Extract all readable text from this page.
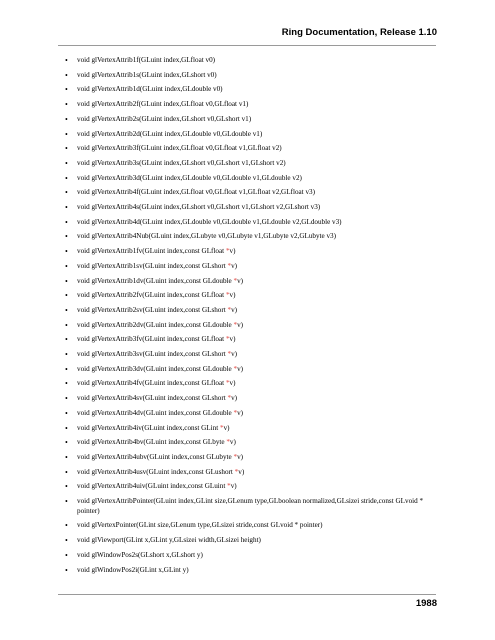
Ring Documentation, Release 1.10
• void glVertexAttrib1f(GLuint index,GLfloat v0)
• void glVertexAttrib1s(GLuint index,GLshort v0)
• void glVertexAttrib1d(GLuint index,GLdouble v0)
• void glVertexAttrib2f(GLuint index,GLfloat v0,GLfloat v1)
• void glVertexAttrib2s(GLuint index,GLshort v0,GLshort v1)
• void glVertexAttrib2d(GLuint index,GLdouble v0,GLdouble v1)
• void glVertexAttrib3f(GLuint index,GLfloat v0,GLfloat v1,GLfloat v2)
• void glVertexAttrib3s(GLuint index,GLshort v0,GLshort v1,GLshort v2)
• void glVertexAttrib3d(GLuint index,GLdouble v0,GLdouble v1,GLdouble v2)
• void glVertexAttrib4f(GLuint index,GLfloat v0,GLfloat v1,GLfloat v2,GLfloat v3)
• void glVertexAttrib4s(GLuint index,GLshort v0,GLshort v1,GLshort v2,GLshort v3)
• void glVertexAttrib4d(GLuint index,GLdouble v0,GLdouble v1,GLdouble v2,GLdouble v3)
• void glVertexAttrib4Nub(GLuint index,GLubyte v0,GLubyte v1,GLubyte v2,GLubyte v3)
• void glVertexAttrib1fv(GLuint index,const GLfloat *v)
• void glVertexAttrib1sv(GLuint index,const GLshort *v)
• void glVertexAttrib1dv(GLuint index,const GLdouble *v)
• void glVertexAttrib2fv(GLuint index,const GLfloat *v)
• void glVertexAttrib2sv(GLuint index,const GLshort *v)
• void glVertexAttrib2dv(GLuint index,const GLdouble *v)
• void glVertexAttrib3fv(GLuint index,const GLfloat *v)
• void glVertexAttrib3sv(GLuint index,const GLshort *v)
• void glVertexAttrib3dv(GLuint index,const GLdouble *v)
• void glVertexAttrib4fv(GLuint index,const GLfloat *v)
• void glVertexAttrib4sv(GLuint index,const GLshort *v)
• void glVertexAttrib4dv(GLuint index,const GLdouble *v)
• void glVertexAttrib4iv(GLuint index,const GLint *v)
• void glVertexAttrib4bv(GLuint index,const GLbyte *v)
• void glVertexAttrib4ubv(GLuint index,const GLubyte *v)
• void glVertexAttrib4usv(GLuint index,const GLushort *v)
• void glVertexAttrib4uiv(GLuint index,const GLuint *v)
• void glVertexAttribPointer(GLuint index,GLint size,GLenum type,GLboolean normalized,GLsizei stride,const GLvoid * pointer)
• void glVertexPointer(GLint size,GLenum type,GLsizei stride,const GLvoid * pointer)
• void glViewport(GLint x,GLint y,GLsizei width,GLsizei height)
• void glWindowPos2s(GLshort x,GLshort y)
• void glWindowPos2i(GLint x,GLint y)
1988
